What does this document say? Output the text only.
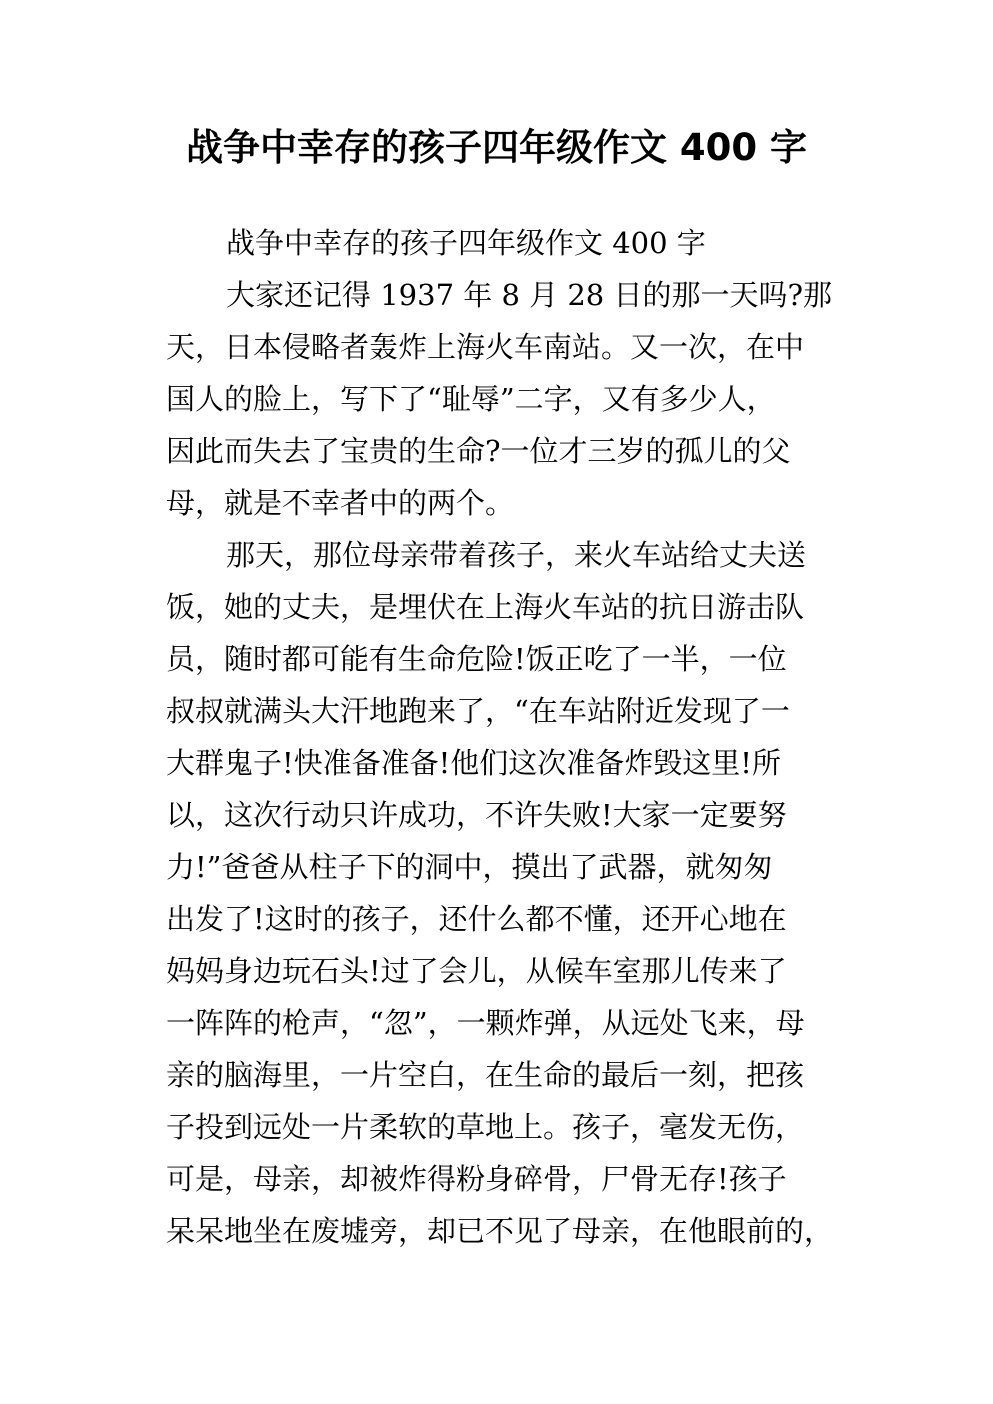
战争中幸存的孩子四年级作文 400 字
战争中幸存的孩子四年级作文 400 字
大家还记得 1937 年 8 月 28 日的那一天吗?那
天，日本侵略者轰炸上海火车南站。又一次，在中
国人的脸上，写下了“耻辱”二字，又有多少人，
因此而失去了宝贵的生命?一位才三岁的孤儿的父
母，就是不幸者中的两个。
那天，那位母亲带着孩子，来火车站给丈夫送
饭，她的丈夫，是埋伏在上海火车站的抗日游击队
员，随时都可能有生命危险!饭正吃了一半，一位
叔叔就满头大汗地跑来了，“在车站附近发现了一
大群鬼子!快准备准备!他们这次准备炸毁这里!所
以，这次行动只许成功，不许失败!大家一定要努
力!”爸爸从柱子下的洞中，摸出了武器，就匆匆
出发了!这时的孩子，还什么都不懂，还开心地在
妈妈身边玩石头!过了会儿，从候车室那儿传来了
一阵阵的枪声，“忽”，一颗炸弹，从远处飞来，母
亲的脑海里，一片空白，在生命的最后一刻，把孩
子投到远处一片柔软的草地上。孩子，毫发无伤，
可是，母亲，却被炸得粉身碎骨，尸骨无存!孩子
呆呆地坐在废墟旁，却已不见了母亲，在他眼前的，
